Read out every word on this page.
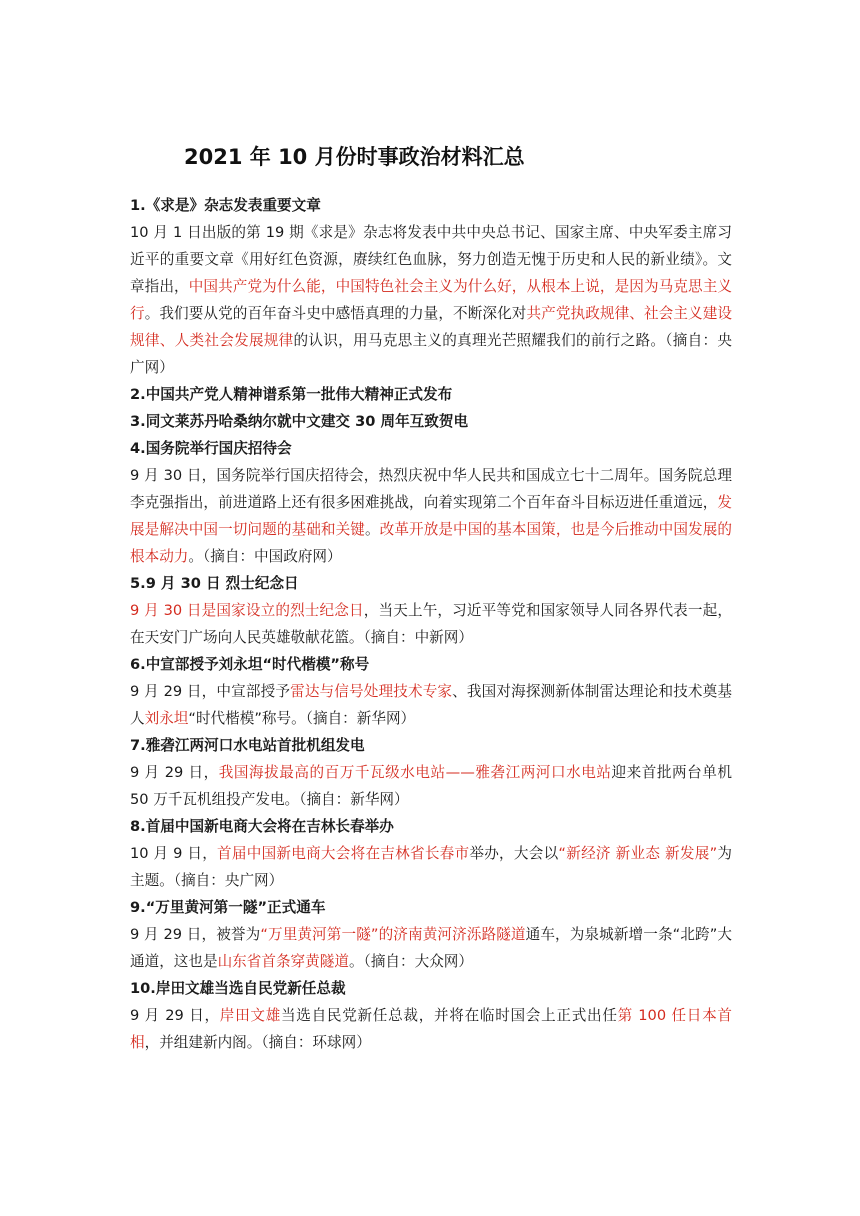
2021 年 10 月份时事政治材料汇总

1.《求是》杂志发表重要文章

10 月 1 日出版的第 19 期《求是》杂志将发表中共中央总书记、国家主席、中央军委主席习近平的重要文章《用好红色资源，赓续红色血脉，努力创造无愧于历史和人民的新业绩》。文章指出，中国共产党为什么能，中国特色社会主义为什么好，从根本上说，是因为马克思主义行。我们要从党的百年奋斗史中感悟真理的力量，不断深化对共产党执政规律、社会主义建设规律、人类社会发展规律的认识，用马克思主义的真理光芒照耀我们的前行之路。（摘自：央广网）

2.中国共产党人精神谱系第一批伟大精神正式发布

3.同文莱苏丹哈桑纳尔就中文建交 30 周年互致贺电

4.国务院举行国庆招待会

9 月 30 日，国务院举行国庆招待会，热烈庆祝中华人民共和国成立七十二周年。国务院总理李克强指出，前进道路上还有很多困难挑战，向着实现第二个百年奋斗目标迈进任重道远，发展是解决中国一切问题的基础和关键。改革开放是中国的基本国策，也是今后推动中国发展的根本动力。（摘自：中国政府网）

5.9 月 30 日 烈士纪念日

9 月 30 日是国家设立的烈士纪念日，当天上午，习近平等党和国家领导人同各界代表一起，在天安门广场向人民英雄敬献花篮。（摘自：中新网）

6.中宣部授予刘永坦“时代楷模”称号

9 月 29 日，中宣部授予雷达与信号处理技术专家、我国对海探测新体制雷达理论和技术奠基人刘永坦“时代楷模”称号。（摘自：新华网）

7.雅砻江两河口水电站首批机组发电

9 月 29 日，我国海拔最高的百万千瓦级水电站——雅砻江两河口水电站迎来首批两台单机 50 万千瓦机组投产发电。（摘自：新华网）

8.首届中国新电商大会将在吉林长春举办

10 月 9 日，首届中国新电商大会将在吉林省长春市举办，大会以“新经济 新业态 新发展”为主题。（摘自：央广网）

9.“万里黄河第一隧”正式通车

9 月 29 日，被誉为“万里黄河第一隧”的济南黄河济泺路隧道通车，为泉城新增一条“北跨”大通道，这也是山东省首条穿黄隧道。（摘自：大众网）

10.岸田文雄当选自民党新任总裁

9 月 29 日，岸田文雄当选自民党新任总裁，并将在临时国会上正式出任第 100 任日本首相，并组建新内阁。（摘自：环球网）
